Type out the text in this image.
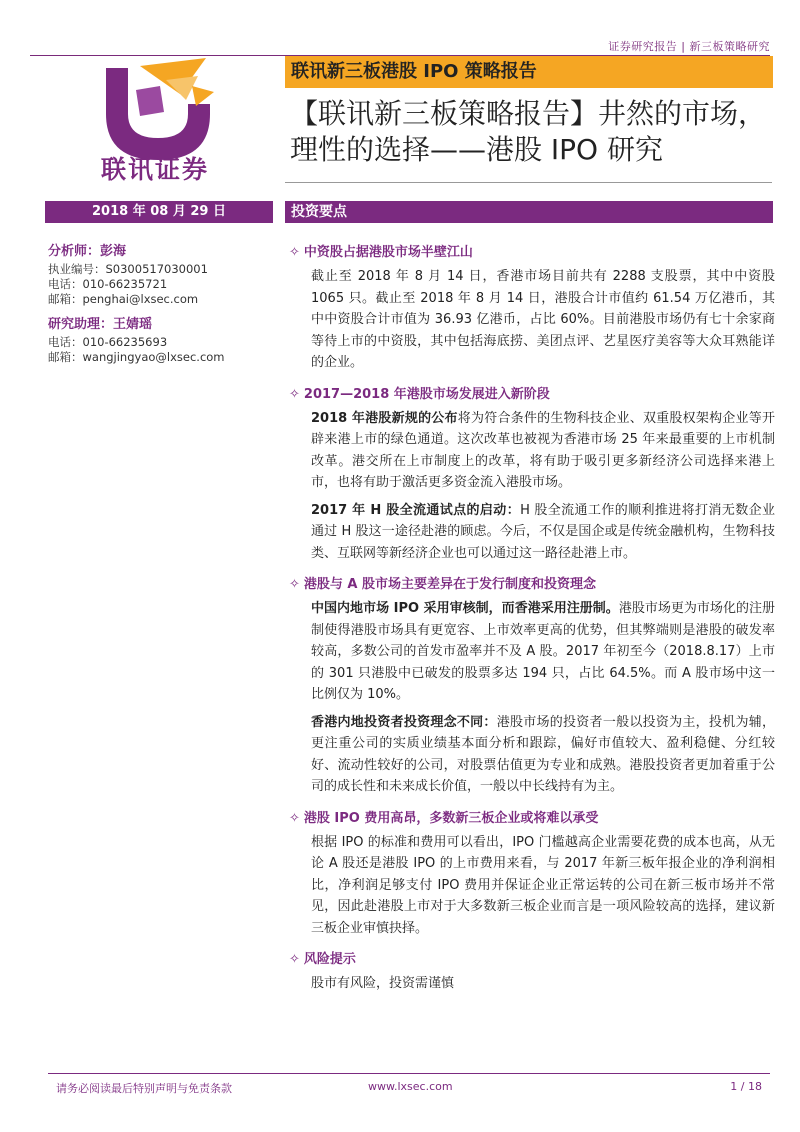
证券研究报告 | 新三板策略研究
联讯证券
联讯新三板港股 IPO 策略报告
【联讯新三板策略报告】井然的市场，
理性的选择——港股 IPO 研究
2018 年 08 月 29 日	投资要点
分析师：彭海
执业编号：S0300517030001
电话：010-66235721
邮箱：penghai@lxsec.com
研究助理：王婧瑶
电话：010-66235693
邮箱：wangjingyao@lxsec.com
✧ 中资股占据港股市场半壁江山
截止至 2018 年 8 月 14 日，香港市场目前共有 2288 支股票，其中中资股 1065 只。截止至 2018 年 8 月 14 日，港股合计市值约 61.54 万亿港币，其中中资股合计市值为 36.93 亿港币，占比 60%。目前港股市场仍有七十余家商等待上市的中资股，其中包括海底捞、美团点评、艺星医疗美容等大众耳熟能详的企业。
✧ 2017—2018 年港股市场发展进入新阶段
2018 年港股新规的公布将为符合条件的生物科技企业、双重股权架构企业等开辟来港上市的绿色通道。这次改革也被视为香港市场 25 年来最重要的上市机制改革。港交所在上市制度上的改革，将有助于吸引更多新经济公司选择来港上市，也将有助于激活更多资金流入港股市场。
2017 年 H 股全流通试点的启动：H 股全流通工作的顺利推进将打消无数企业通过 H 股这一途径赴港的顾虑。今后，不仅是国企或是传统金融机构，生物科技类、互联网等新经济企业也可以通过这一路径赴港上市。
✧ 港股与 A 股市场主要差异在于发行制度和投资理念
中国内地市场 IPO 采用审核制，而香港采用注册制。港股市场更为市场化的注册制使得港股市场具有更宽容、上市效率更高的优势，但其弊端则是港股的破发率较高，多数公司的首发市盈率并不及 A 股。2017 年初至今（2018.8.17）上市的 301 只港股中已破发的股票多达 194 只，占比 64.5%。而 A 股市场中这一比例仅为 10%。
香港内地投资者投资理念不同：港股市场的投资者一般以投资为主，投机为辅，更注重公司的实质业绩基本面分析和跟踪，偏好市值较大、盈利稳健、分红较好、流动性较好的公司，对股票估值更为专业和成熟。港股投资者更加着重于公司的成长性和未来成长价值，一般以中长线持有为主。
✧ 港股 IPO 费用高昂，多数新三板企业或将难以承受
根据 IPO 的标准和费用可以看出，IPO 门槛越高企业需要花费的成本也高，从无论 A 股还是港股 IPO 的上市费用来看，与 2017 年新三板年报企业的净利润相比，净利润足够支付 IPO 费用并保证企业正常运转的公司在新三板市场并不常见，因此赴港股上市对于大多数新三板企业而言是一项风险较高的选择，建议新三板企业审慎抉择。
✧ 风险提示
股市有风险，投资需谨慎
请务必阅读最后特别声明与免责条款	www.lxsec.com	1 / 18
